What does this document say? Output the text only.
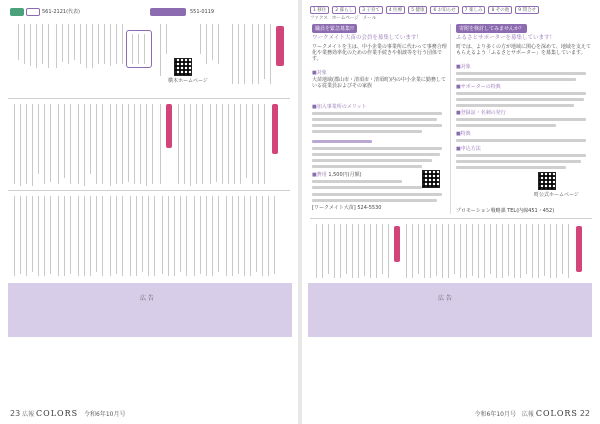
561-2121(代表)	551-0119
横木ホームページ
広 告
23 広報 COLORS 令和6年10月号
1 移住	2 暮らし	3 子育て	4 医療	5 健康	6 お知らせ	7 楽しみ	8 その他	9 問合せ
ファクス ホームページ メール
職員を緊急募集!!
ワークメイト大苗の会員を募集しています！
ワークメイトを主は、中小企業の事業所に代わって事務合理化や業務効率化のための作業手続きや相談等を行う団体です。
■対象
大苗地域(郡山市・清須市・清須町)内の中小企業に勤務している従業員およびその家族
■加入事業所のメリット
■費用 1,500円(月額)
[ワークメイト大苗] 524-5530
寄附を検討してみませんか？
ふるさとサポーターを募集しています！
町では、より多くの方が地域に関心を深めて、地域を支えてもらえるよう「ふるさとサポーター」を募集しています。
■対象
■サポーターの特典
■登録証・名刺の発行
■特典
■申込方法
町公式ホームページ
プロモーション戦略課 TEL(内線451・452)
広 告
令和6年10月号 広報 COLORS 22
